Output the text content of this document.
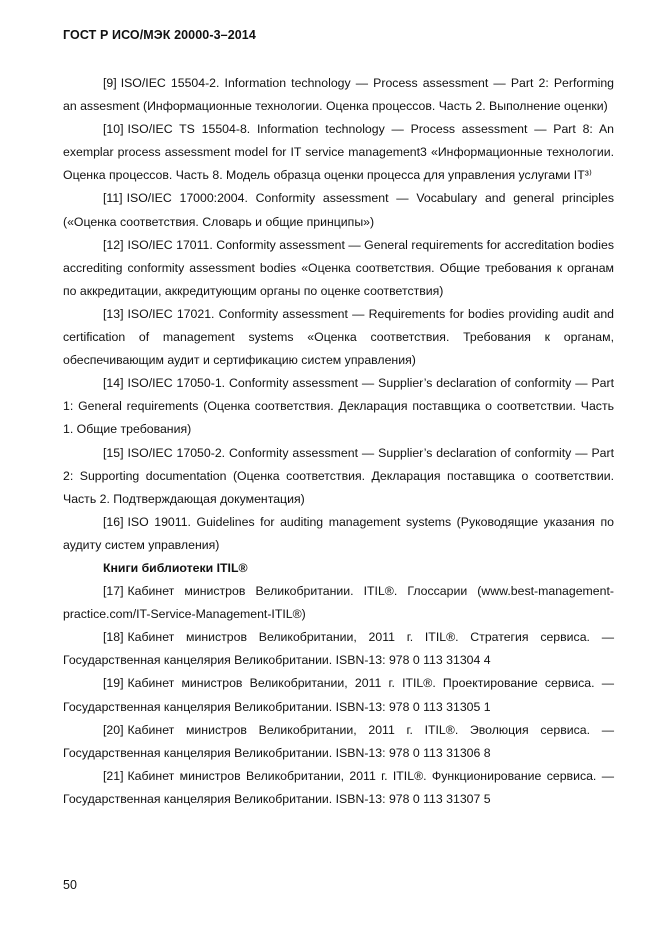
ГОСТ Р ИСО/МЭК 20000-3–2014

[9] ISO/IEC 15504-2. Information technology — Process assessment — Part 2: Performing an assesment (Информационные технологии. Оценка процессов. Часть 2. Выполнение оценки)

[10] ISO/IEC TS 15504-8. Information technology — Process assessment — Part 8: An exemplar process assessment model for IT service management3 «Информационные технологии. Оценка процессов. Часть 8. Модель образца оценки процесса для управления услугами IT³⁾

[11] ISO/IEC 17000:2004. Conformity assessment — Vocabulary and general principles («Оценка соответствия. Словарь и общие принципы»)

[12] ISO/IEC 17011. Conformity assessment — General requirements for accreditation bodies accrediting conformity assessment bodies «Оценка соответствия. Общие требования к органам по аккредитации, аккредитующим органы по оценке соответствия)

[13] ISO/IEC 17021. Conformity assessment — Requirements for bodies providing audit and certification of management systems «Оценка соответствия. Требования к органам, обеспечивающим аудит и сертификацию систем управления)

[14] ISO/IEC 17050-1. Conformity assessment — Supplier’s declaration of conformity — Part 1: General requirements (Оценка соответствия. Декларация поставщика о соответствии. Часть 1. Общие требования)

[15] ISO/IEC 17050-2. Conformity assessment — Supplier’s declaration of conformity — Part 2: Supporting documentation (Оценка соответствия. Декларация поставщика о соответствии. Часть 2. Подтверждающая документация)

[16] ISO 19011. Guidelines for auditing management systems (Руководящие указания по аудиту систем управления)

Книги библиотеки ITIL®

[17] Кабинет министров Великобритании. ITIL®. Глоссарии (www.best-management-practice.com/IT-Service-Management-ITIL®)

[18] Кабинет министров Великобритании, 2011 г. ITIL®. Стратегия сервиса. — Государственная канцелярия Великобритании. ISBN-13: 978 0 113 31304 4

[19] Кабинет министров Великобритании, 2011 г. ITIL®. Проектирование сервиса. — Государственная канцелярия Великобритании. ISBN-13: 978 0 113 31305 1

[20] Кабинет министров Великобритании, 2011 г. ITIL®. Эволюция сервиса. — Государственная канцелярия Великобритании. ISBN-13: 978 0 113 31306 8

[21] Кабинет министров Великобритании, 2011 г. ITIL®. Функционирование сервиса. — Государственная канцелярия Великобритании. ISBN-13: 978 0 113 31307 5

50
